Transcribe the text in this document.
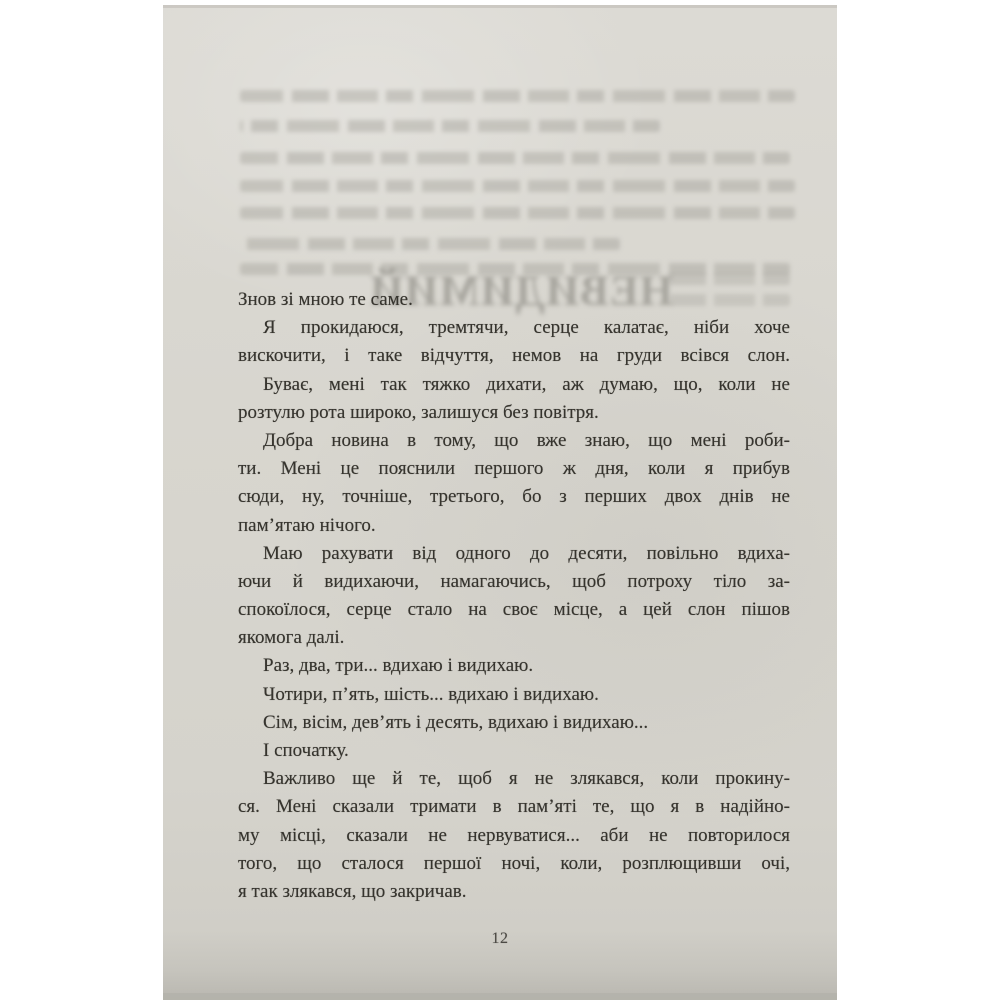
НЕВИДИМИЙ
Знов зі мною те саме.
Я прокидаюся, тремтячи, серце калатає, ніби хоче
вискочити, і таке відчуття, немов на груди всівся слон.
Буває, мені так тяжко дихати, аж думаю, що, коли не
розтулю рота широко, залишуся без повітря.
Добра новина в тому, що вже знаю, що мені роби-
ти. Мені це пояснили першого ж дня, коли я прибув
сюди, ну, точніше, третього, бо з перших двох днів не
пам’ятаю нічого.
Маю рахувати від одного до десяти, повільно вдиха-
ючи й видихаючи, намагаючись, щоб потроху тіло за-
спокоїлося, серце стало на своє місце, а цей слон пішов
якомога далі.
Раз, два, три... вдихаю і видихаю.
Чотири, п’ять, шість... вдихаю і видихаю.
Сім, вісім, дев’ять і десять, вдихаю і видихаю...
І спочатку.
Важливо ще й те, щоб я не злякався, коли прокину-
ся. Мені сказали тримати в пам’яті те, що я в надійно-
му місці, сказали не нервуватися... аби не повторилося
того, що сталося першої ночі, коли, розплющивши очі,
я так злякався, що закричав.
12
